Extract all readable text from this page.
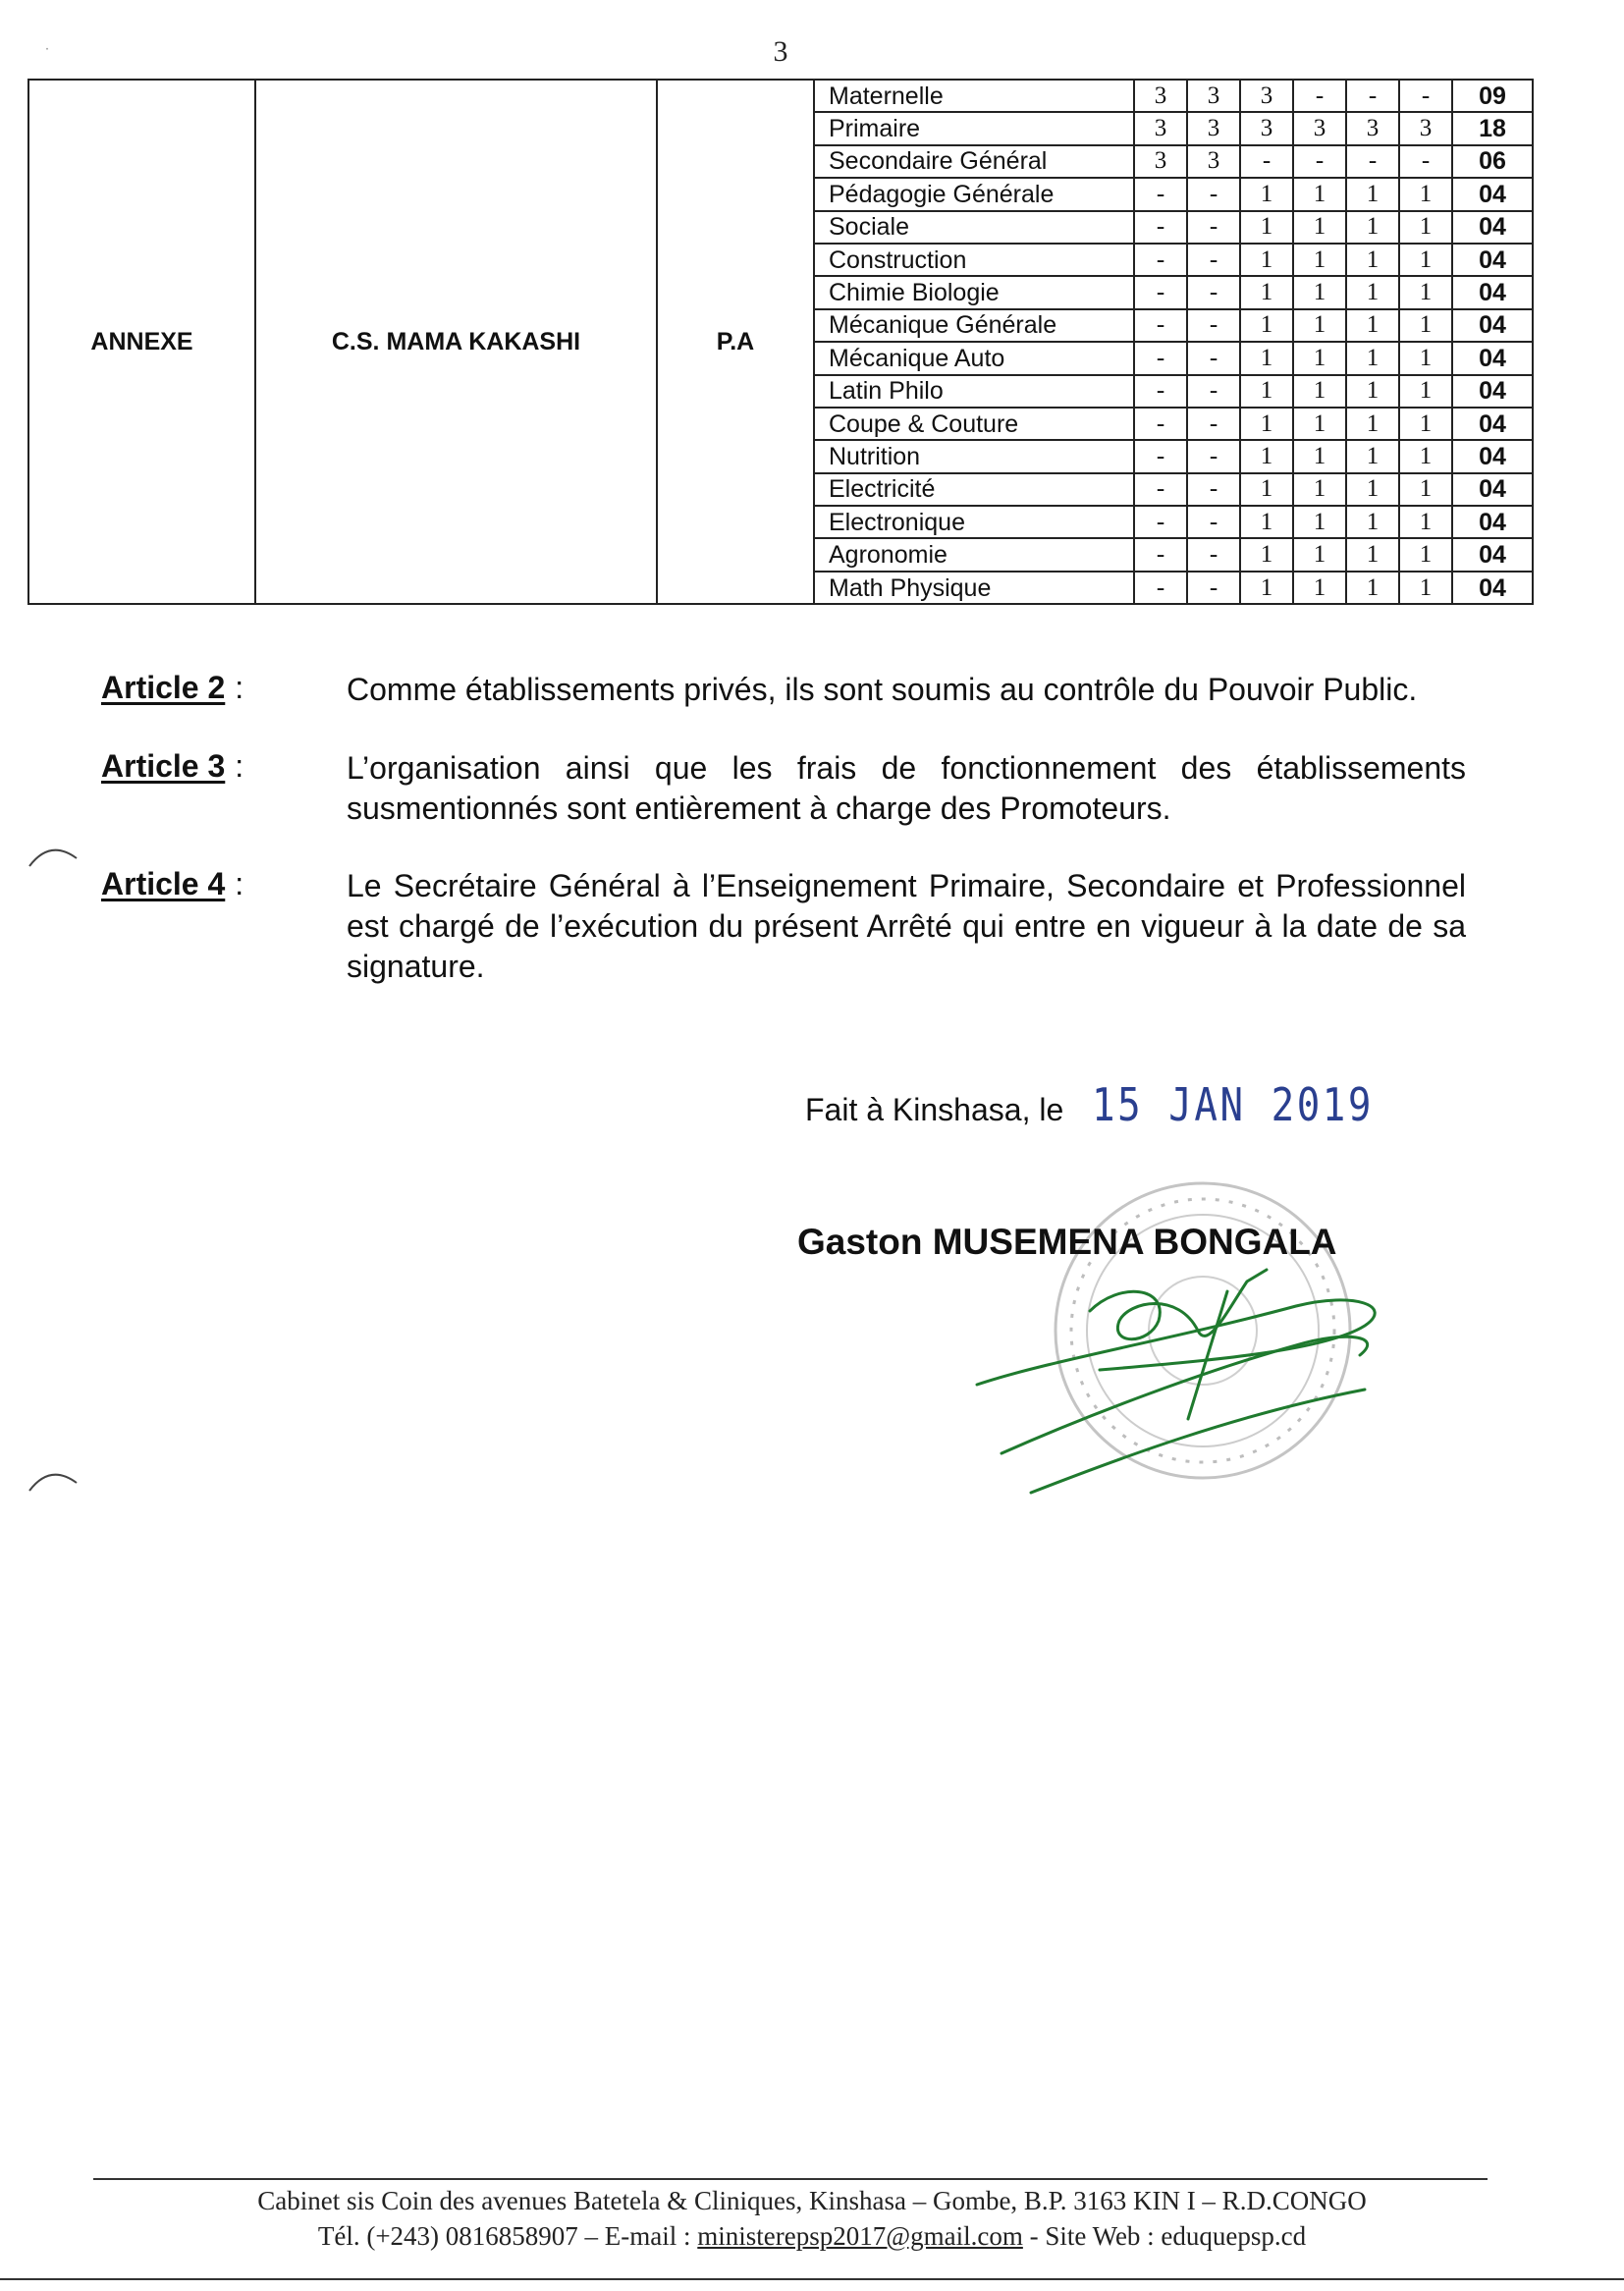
3
˙
ANNEXE	C.S. MAMA KAKASHI	P.A	Maternelle	3	3	3	-	-	-	09
			Primaire	3	3	3	3	3	3	18
			Secondaire Général	3	3	-	-	-	-	06
			Pédagogie Générale	-	-	1	1	1	1	04
			Sociale	-	-	1	1	1	1	04
			Construction	-	-	1	1	1	1	04
			Chimie Biologie	-	-	1	1	1	1	04
			Mécanique Générale	-	-	1	1	1	1	04
			Mécanique Auto	-	-	1	1	1	1	04
			Latin Philo	-	-	1	1	1	1	04
			Coupe & Couture	-	-	1	1	1	1	04
			Nutrition	-	-	1	1	1	1	04
			Electricité	-	-	1	1	1	1	04
			Electronique	-	-	1	1	1	1	04
			Agronomie	-	-	1	1	1	1	04
			Math Physique	-	-	1	1	1	1	04
Article 2 :	Comme établissements privés, ils sont soumis au contrôle du Pouvoir Public.
Article 3 :	L’organisation ainsi que les frais de fonctionnement des établissements susmentionnés sont entièrement à charge des Promoteurs.
Article 4 :	Le Secrétaire Général à l’Enseignement Primaire, Secondaire et Professionnel est chargé de l’exécution du présent Arrêté qui entre en vigueur à la date de sa signature.
Fait à Kinshasa, le 15 JAN 2019
Gaston MUSEMENA BONGALA
Cabinet sis Coin des avenues Batetela & Cliniques, Kinshasa – Gombe, B.P. 3163 KIN I – R.D.CONGO
Tél. (+243) 0816858907 – E-mail : ministerepsp2017@gmail.com - Site Web : eduquepsp.cd
